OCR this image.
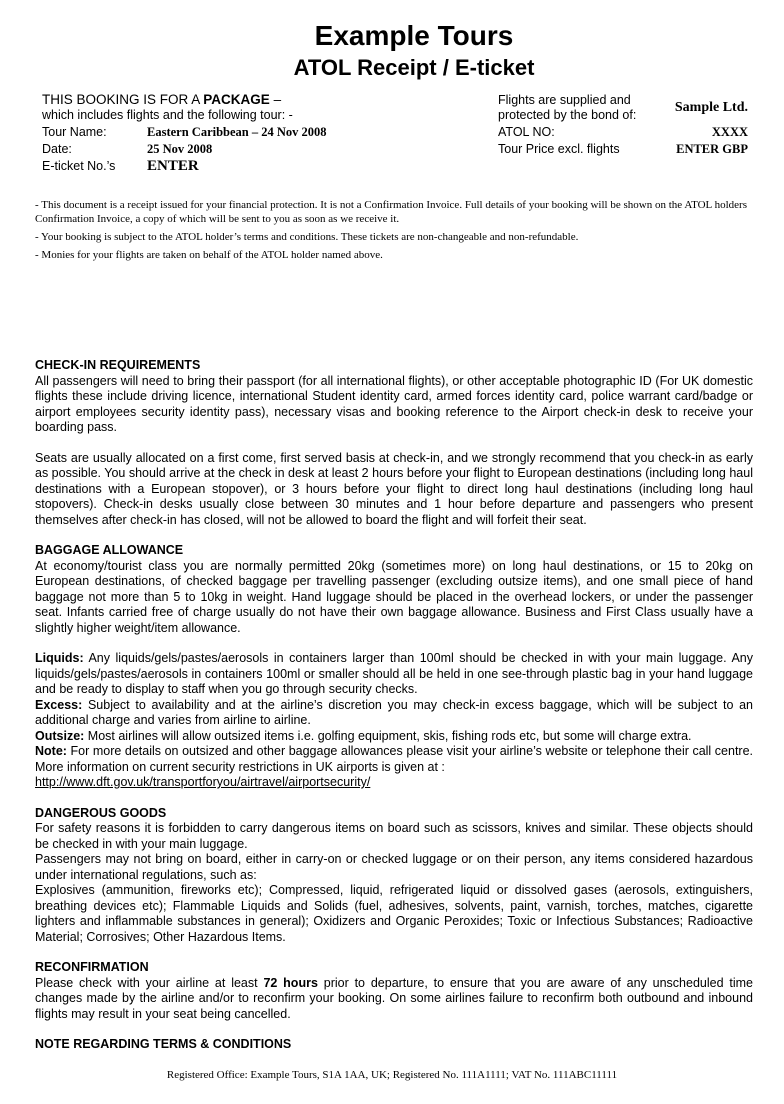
Example Tours
ATOL Receipt / E-ticket
THIS BOOKING IS FOR A PACKAGE –
which includes flights and the following tour: -
Tour Name:	Eastern Caribbean – 24 Nov 2008
Date:	25 Nov 2008
E-ticket No.’s ENTER
Flights are supplied and
protected by the bond of:	Sample Ltd.
ATOL NO:	XXXX
Tour Price excl. flights	ENTER GBP

- This document is a receipt issued for your financial protection. It is not a Confirmation Invoice. Full details of your booking will be shown on the ATOL holders Confirmation Invoice, a copy of which will be sent to you as soon as we receive it.

- Your booking is subject to the ATOL holder’s terms and conditions. These tickets are non-changeable and non-refundable.

- Monies for your flights are taken on behalf of the ATOL holder named above.

CHECK-IN REQUIREMENTS

All passengers will need to bring their passport (for all international flights), or other acceptable photographic ID (For UK domestic flights these include driving licence, international Student identity card, armed forces identity card, police warrant card/badge or airport employees security identity pass), necessary visas and booking reference to the Airport check-in desk to receive your boarding pass.

Seats are usually allocated on a first come, first served basis at check-in, and we strongly recommend that you check-in as early as possible. You should arrive at the check in desk at least 2 hours before your flight to European destinations (including long haul destinations with a European stopover), or 3 hours before your flight to direct long haul destinations (including long haul stopovers). Check-in desks usually close between 30 minutes and 1 hour before departure and passengers who present themselves after check-in has closed, will not be allowed to board the flight and will forfeit their seat.

BAGGAGE ALLOWANCE

At economy/tourist class you are normally permitted 20kg (sometimes more) on long haul destinations, or 15 to 20kg on European destinations, of checked baggage per travelling passenger (excluding outsize items), and one small piece of hand baggage not more than 5 to 10kg in weight. Hand luggage should be placed in the overhead lockers, or under the passenger seat. Infants carried free of charge usually do not have their own baggage allowance. Business and First Class usually have a slightly higher weight/item allowance.

Liquids: Any liquids/gels/pastes/aerosols in containers larger than 100ml should be checked in with your main luggage. Any liquids/gels/pastes/aerosols in containers 100ml or smaller should all be held in one see-through plastic bag in your hand luggage and be ready to display to staff when you go through security checks.

Excess: Subject to availability and at the airline’s discretion you may check-in excess baggage, which will be subject to an additional charge and varies from airline to airline.

Outsize: Most airlines will allow outsized items i.e. golfing equipment, skis, fishing rods etc, but some will charge extra.

Note: For more details on outsized and other baggage allowances please visit your airline’s website or telephone their call centre. More information on current security restrictions in UK airports is given at :

http://www.dft.gov.uk/transportforyou/airtravel/airportsecurity/

DANGEROUS GOODS

For safety reasons it is forbidden to carry dangerous items on board such as scissors, knives and similar. These objects should be checked in with your main luggage.

Passengers may not bring on board, either in carry-on or checked luggage or on their person, any items considered hazardous under international regulations, such as:

Explosives (ammunition, fireworks etc); Compressed, liquid, refrigerated liquid or dissolved gases (aerosols, extinguishers, breathing devices etc); Flammable Liquids and Solids (fuel, adhesives, solvents, paint, varnish, torches, matches, cigarette lighters and inflammable substances in general); Oxidizers and Organic Peroxides; Toxic or Infectious Substances; Radioactive Material; Corrosives; Other Hazardous Items.

RECONFIRMATION

Please check with your airline at least 72 hours prior to departure, to ensure that you are aware of any unscheduled time changes made by the airline and/or to reconfirm your booking. On some airlines failure to reconfirm both outbound and inbound flights may result in your seat being cancelled.

NOTE REGARDING TERMS & CONDITIONS

Registered Office: Example Tours, S1A 1AA, UK; Registered No. 111A1111; VAT No. 111ABC11111
